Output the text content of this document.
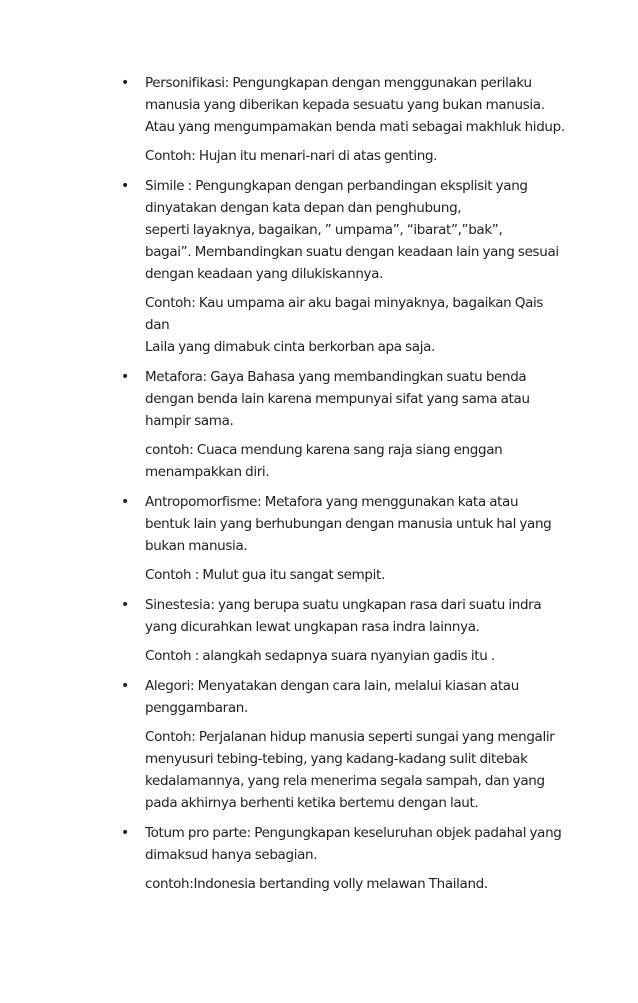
• Personifikasi: Pengungkapan dengan menggunakan perilaku
manusia yang diberikan kepada sesuatu yang bukan manusia.
Atau yang mengumpamakan benda mati sebagai makhluk hidup.

Contoh: Hujan itu menari-nari di atas genting.

• Simile : Pengungkapan dengan perbandingan eksplisit yang
dinyatakan dengan kata depan dan penghubung,
seperti layaknya, bagaikan, ” umpama”, “ibarat”,”bak”,
bagai”. Membandingkan suatu dengan keadaan lain yang sesuai
dengan keadaan yang dilukiskannya.

Contoh: Kau umpama air aku bagai minyaknya, bagaikan Qais dan
Laila yang dimabuk cinta berkorban apa saja.

• Metafora: Gaya Bahasa yang membandingkan suatu benda
dengan benda lain karena mempunyai sifat yang sama atau
hampir sama.

contoh: Cuaca mendung karena sang raja siang enggan
menampakkan diri.

• Antropomorfisme: Metafora yang menggunakan kata atau
bentuk lain yang berhubungan dengan manusia untuk hal yang
bukan manusia.

Contoh : Mulut gua itu sangat sempit.

• Sinestesia: yang berupa suatu ungkapan rasa dari suatu indra
yang dicurahkan lewat ungkapan rasa indra lainnya.

Contoh : alangkah sedapnya suara nyanyian gadis itu .

• Alegori: Menyatakan dengan cara lain, melalui kiasan atau
penggambaran.

Contoh: Perjalanan hidup manusia seperti sungai yang mengalir
menyusuri tebing-tebing, yang kadang-kadang sulit ditebak
kedalamannya, yang rela menerima segala sampah, dan yang
pada akhirnya berhenti ketika bertemu dengan laut.

• Totum pro parte: Pengungkapan keseluruhan objek padahal yang
dimaksud hanya sebagian.

contoh:Indonesia bertanding volly melawan Thailand.
